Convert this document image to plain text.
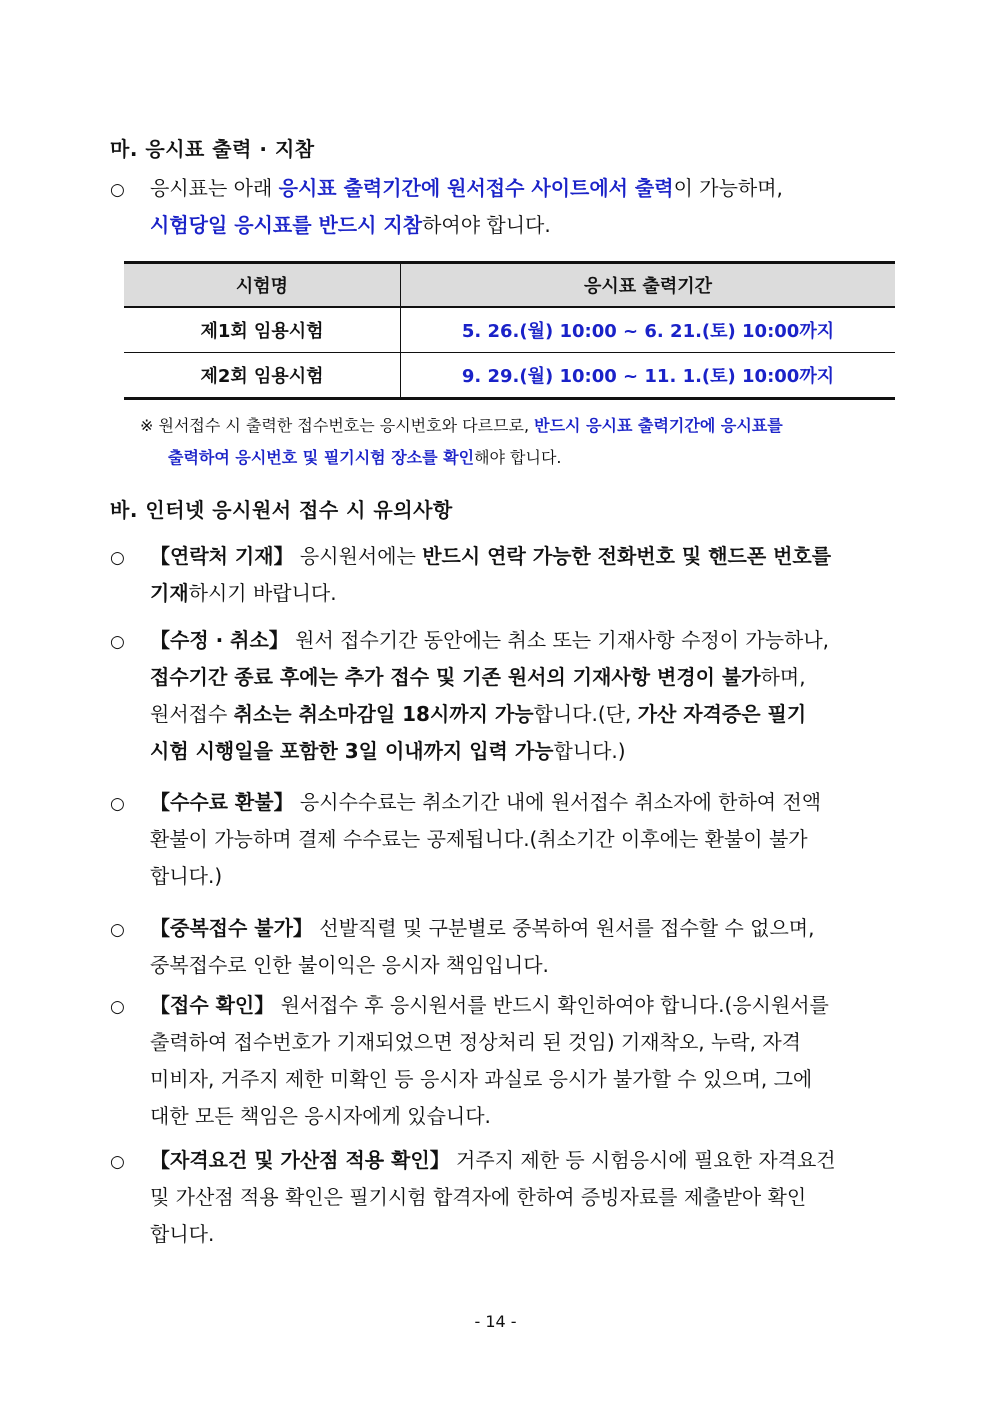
마. 응시표 출력 · 지참
○ 응시표는 아래 응시표 출력기간에 원서접수 사이트에서 출력이 가능하며,
시험당일 응시표를 반드시 지참하여야 합니다.
시험명	응시표 출력기간
제1회 임용시험	5. 26.(월) 10:00 ~ 6. 21.(토) 10:00까지
제2회 임용시험	9. 29.(월) 10:00 ~ 11. 1.(토) 10:00까지
※ 원서접수 시 출력한 접수번호는 응시번호와 다르므로, 반드시 응시표 출력기간에 응시표를
출력하여 응시번호 및 필기시험 장소를 확인해야 합니다.
바. 인터넷 응시원서 접수 시 유의사항
○ 【연락처 기재】 응시원서에는 반드시 연락 가능한 전화번호 및 핸드폰 번호를
기재하시기 바랍니다.
○ 【수정 · 취소】 원서 접수기간 동안에는 취소 또는 기재사항 수정이 가능하나,
접수기간 종료 후에는 추가 접수 및 기존 원서의 기재사항 변경이 불가하며,
원서접수 취소는 취소마감일 18시까지 가능합니다.(단, 가산 자격증은 필기
시험 시행일을 포함한 3일 이내까지 입력 가능합니다.)
○ 【수수료 환불】 응시수수료는 취소기간 내에 원서접수 취소자에 한하여 전액
환불이 가능하며 결제 수수료는 공제됩니다.(취소기간 이후에는 환불이 불가
합니다.)
○ 【중복접수 불가】 선발직렬 및 구분별로 중복하여 원서를 접수할 수 없으며,
중복접수로 인한 불이익은 응시자 책임입니다.
○ 【접수 확인】 원서접수 후 응시원서를 반드시 확인하여야 합니다.(응시원서를
출력하여 접수번호가 기재되었으면 정상처리 된 것임) 기재착오, 누락, 자격
미비자, 거주지 제한 미확인 등 응시자 과실로 응시가 불가할 수 있으며, 그에
대한 모든 책임은 응시자에게 있습니다.
○ 【자격요건 및 가산점 적용 확인】 거주지 제한 등 시험응시에 필요한 자격요건
및 가산점 적용 확인은 필기시험 합격자에 한하여 증빙자료를 제출받아 확인
합니다.
- 14 -
